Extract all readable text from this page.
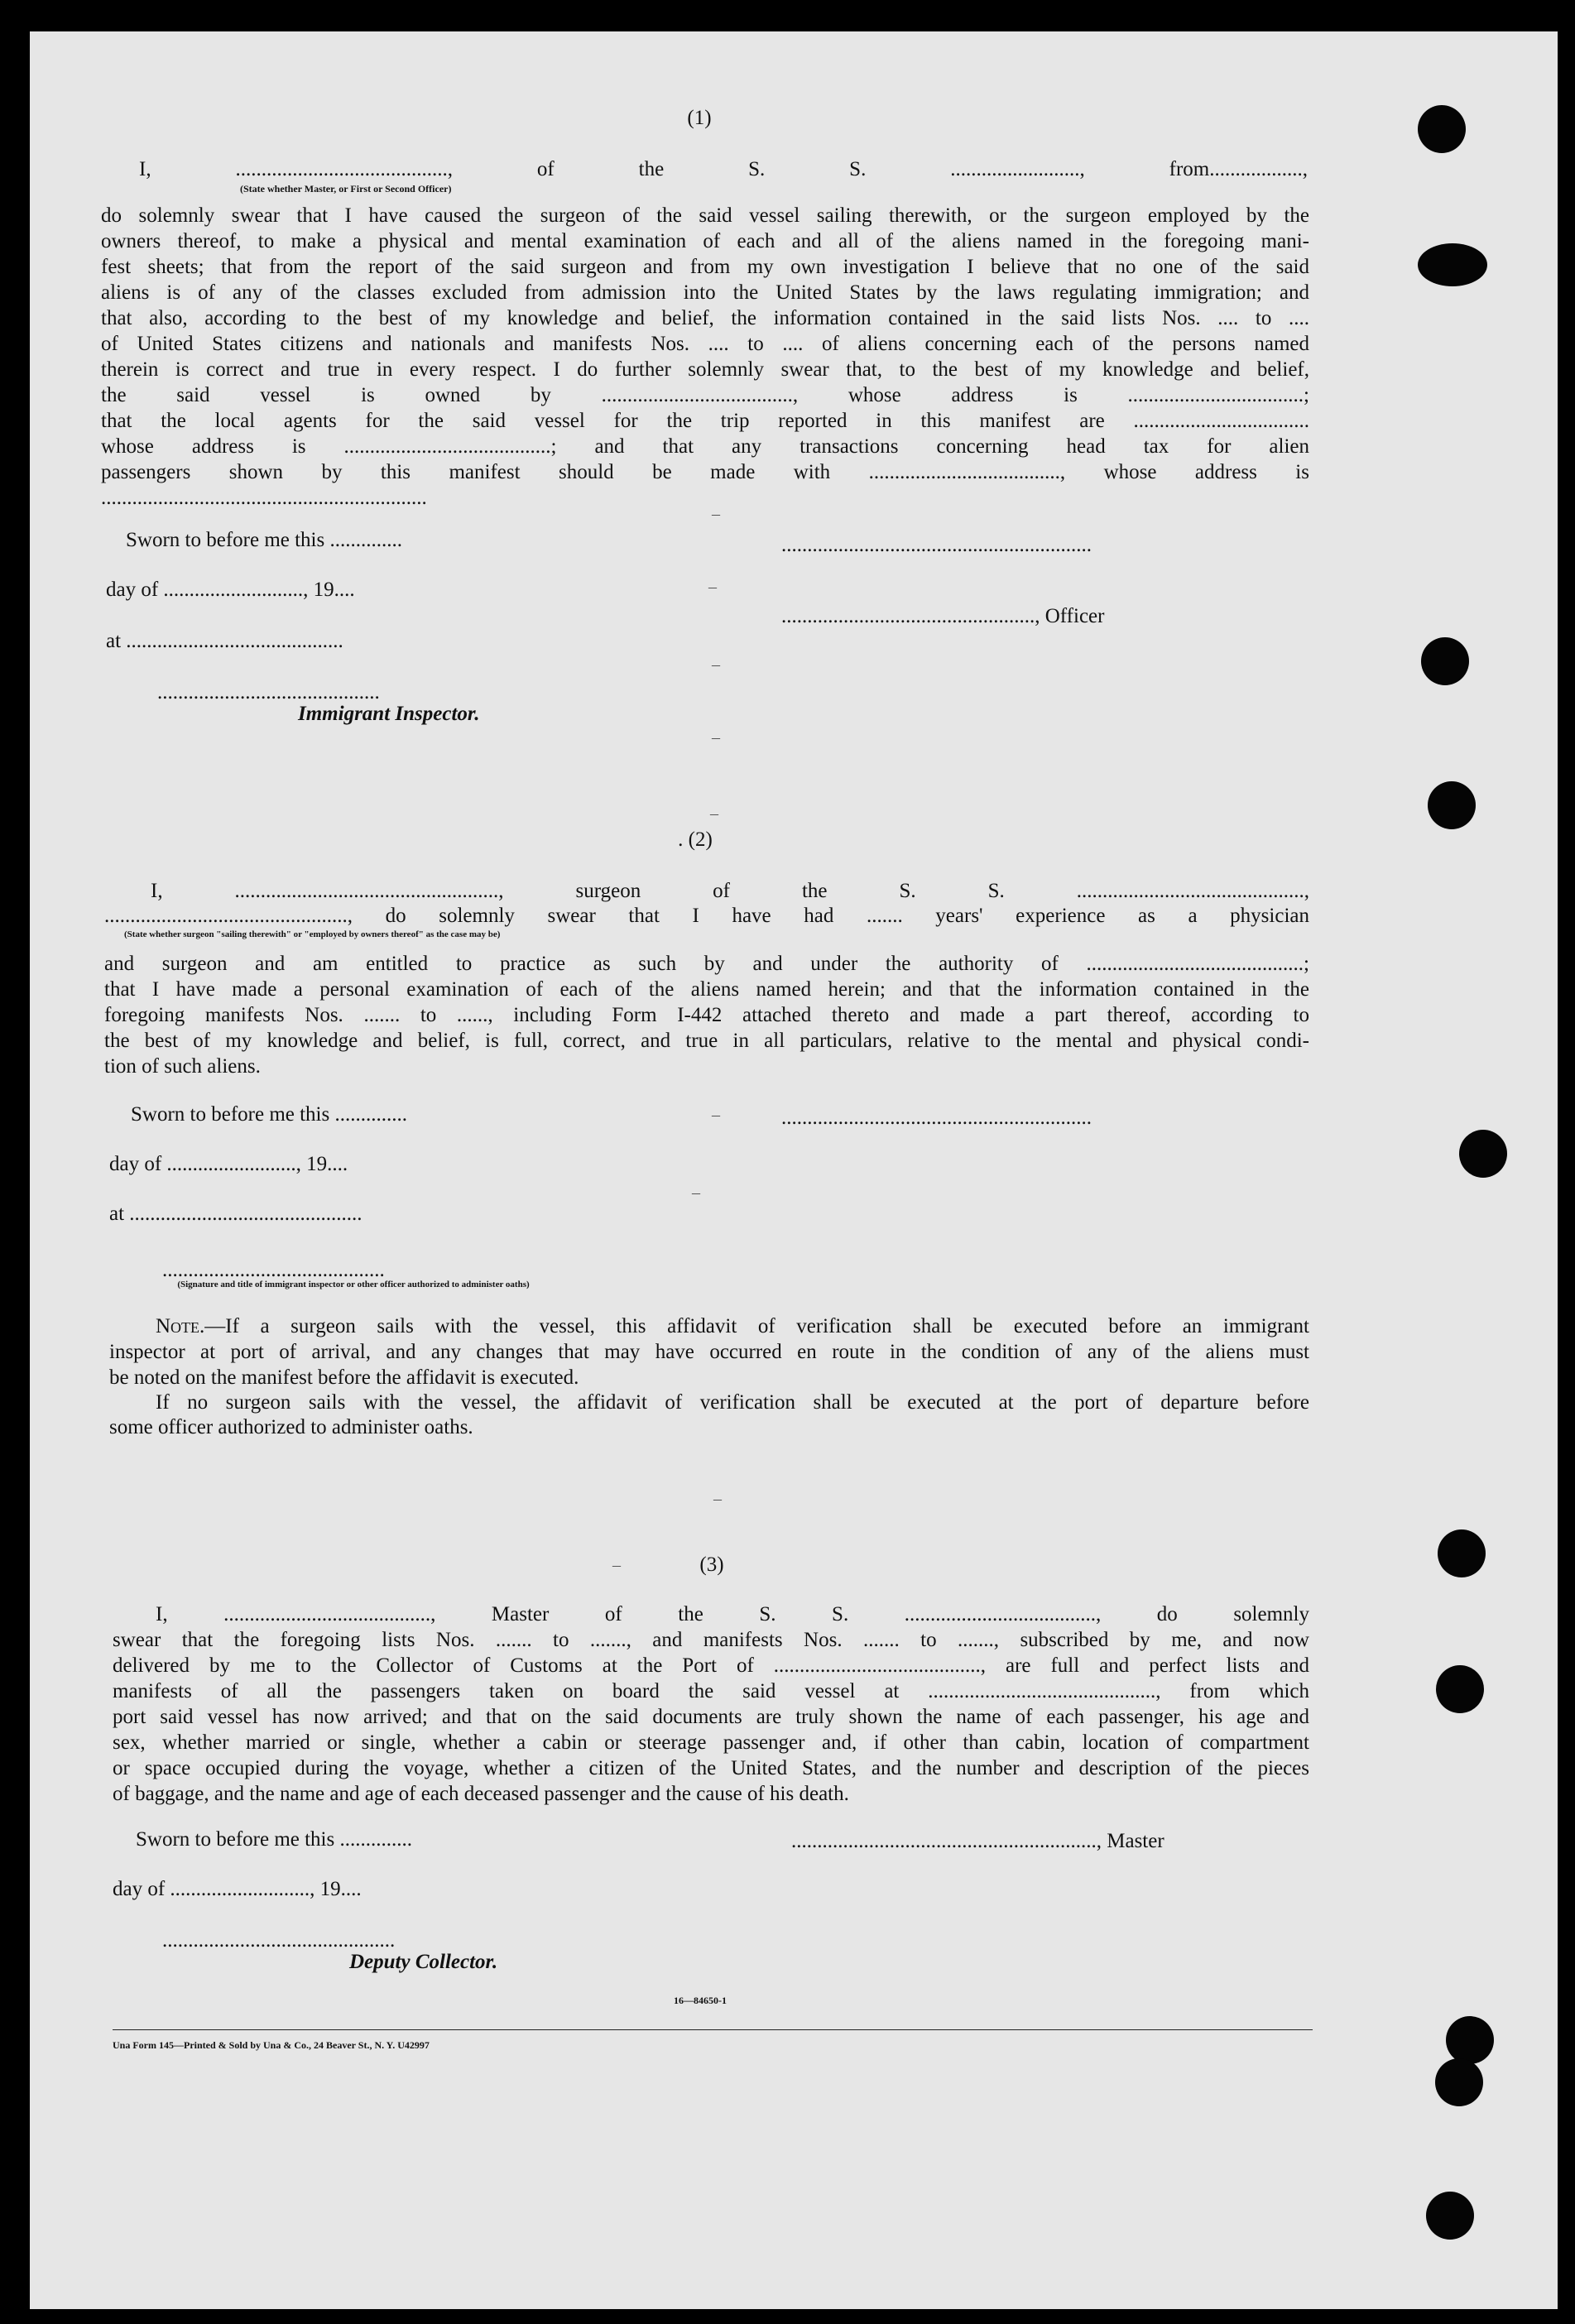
(1)
I, ........................................., of the S. S. ........................., from..................,
(State whether Master, or First or Second Officer)

do solemnly swear that I have caused the surgeon of the said vessel sailing therewith, or the surgeon employed by the

owners thereof, to make a physical and mental examination of each and all of the aliens named in the foregoing mani-

fest sheets; that from the report of the said surgeon and from my own investigation I believe that no one of the said

aliens is of any of the classes excluded from admission into the United States by the laws regulating immigration; and

that also, according to the best of my knowledge and belief, the information contained in the said lists Nos. .... to ....

of United States citizens and nationals and manifests Nos. .... to .... of aliens concerning each of the persons named

therein is correct and true in every respect. I do further solemnly swear that, to the best of my knowledge and belief,

the said vessel is owned by ....................................., whose address is ..................................;

that the local agents for the said vessel for the trip reported in this manifest are ..................................

whose address is ........................................; and that any transactions concerning head tax for alien

passengers shown by this manifest should be made with ....................................., whose address is

...............................................................

Sworn to before me this ..............
day of ..........................., 19....
at ..........................................
...........................................
Immigrant Inspector.
............................................................
................................................., Officer
. (2)
I, ..................................................., surgeon of the S. S. ............................................,
..............................................., do solemnly swear that I have had ....... years' experience as a physician
(State whether surgeon "sailing therewith" or "employed by owners thereof" as the case may be)

and surgeon and am entitled to practice as such by and under the authority of ..........................................;

that I have made a personal examination of each of the aliens named herein; and that the information contained in the

foregoing manifests Nos. ....... to ......, including Form I-442 attached thereto and made a part thereof, according to

the best of my knowledge and belief, is full, correct, and true in all particulars, relative to the mental and physical condi-

tion of such aliens.

Sworn to before me this ..............
day of ........................., 19....
at .............................................
...........................................
(Signature and title of immigrant inspector or other officer authorized to administer oaths)
............................................................
Note.—If a surgeon sails with the vessel, this affidavit of verification shall be executed before an immigrant
inspector at port of arrival, and any changes that may have occurred en route in the condition of any of the aliens must
be noted on the manifest before the affidavit is executed.
If no surgeon sails with the vessel, the affidavit of verification shall be executed at the port of departure before
some officer authorized to administer oaths.
(3)

I, ........................................, Master of the S. S. ....................................., do solemnly

swear that the foregoing lists Nos. ....... to ......., and manifests Nos. ....... to ......., subscribed by me, and now

delivered by me to the Collector of Customs at the Port of ........................................, are full and perfect lists and

manifests of all the passengers taken on board the said vessel at ............................................, from which

port said vessel has now arrived; and that on the said documents are truly shown the name of each passenger, his age and

sex, whether married or single, whether a cabin or steerage passenger and, if other than cabin, location of compartment

or space occupied during the voyage, whether a citizen of the United States, and the number and description of the pieces

of baggage, and the name and age of each deceased passenger and the cause of his death.

Sworn to before me this ..............
day of ..........................., 19....
.............................................
Deputy Collector.
..........................................................., Master
16—84650-1
Una Form 145—Printed & Sold by Una & Co., 24 Beaver St., N. Y. U42997
–
–
–
–
–
–
–
–
–
